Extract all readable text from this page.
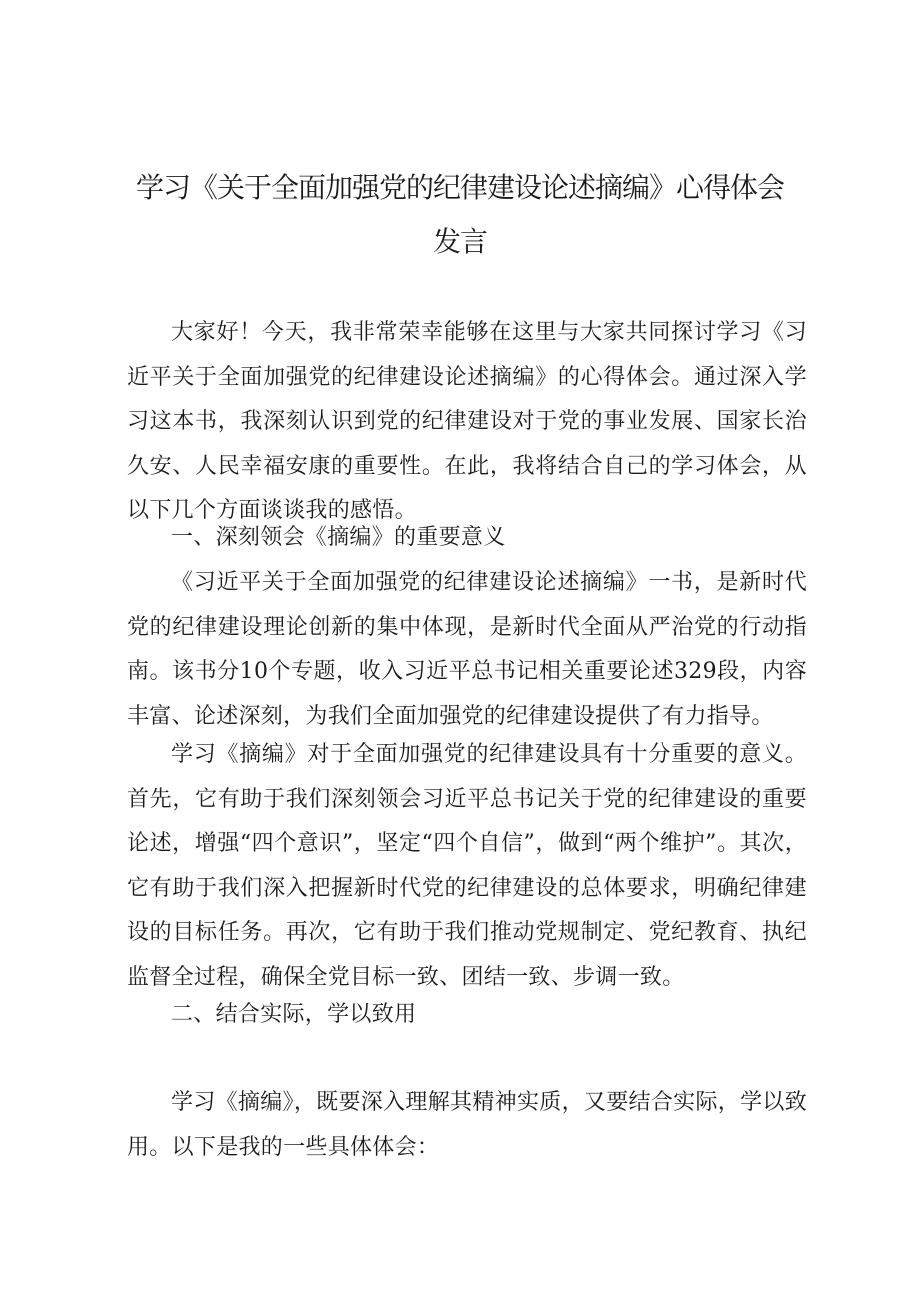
学习《关于全面加强党的纪律建设论述摘编》心得体会
发言

大家好！今天，我非常荣幸能够在这里与大家共同探讨学习《习近平关于全面加强党的纪律建设论述摘编》的心得体会。通过深入学习这本书，我深刻认识到党的纪律建设对于党的事业发展、国家长治久安、人民幸福安康的重要性。在此，我将结合自己的学习体会，从以下几个方面谈谈我的感悟。

一、深刻领会《摘编》的重要意义

《习近平关于全面加强党的纪律建设论述摘编》一书，是新时代党的纪律建设理论创新的集中体现，是新时代全面从严治党的行动指南。该书分10个专题，收入习近平总书记相关重要论述329段，内容丰富、论述深刻，为我们全面加强党的纪律建设提供了有力指导。

学习《摘编》对于全面加强党的纪律建设具有十分重要的意义。首先，它有助于我们深刻领会习近平总书记关于党的纪律建设的重要论述，增强“四个意识”，坚定“四个自信”，做到“两个维护”。其次，它有助于我们深入把握新时代党的纪律建设的总体要求，明确纪律建设的目标任务。再次，它有助于我们推动党规制定、党纪教育、执纪监督全过程，确保全党目标一致、团结一致、步调一致。

二、结合实际，学以致用

学习《摘编》，既要深入理解其精神实质，又要结合实际，学以致用。以下是我的一些具体体会：
